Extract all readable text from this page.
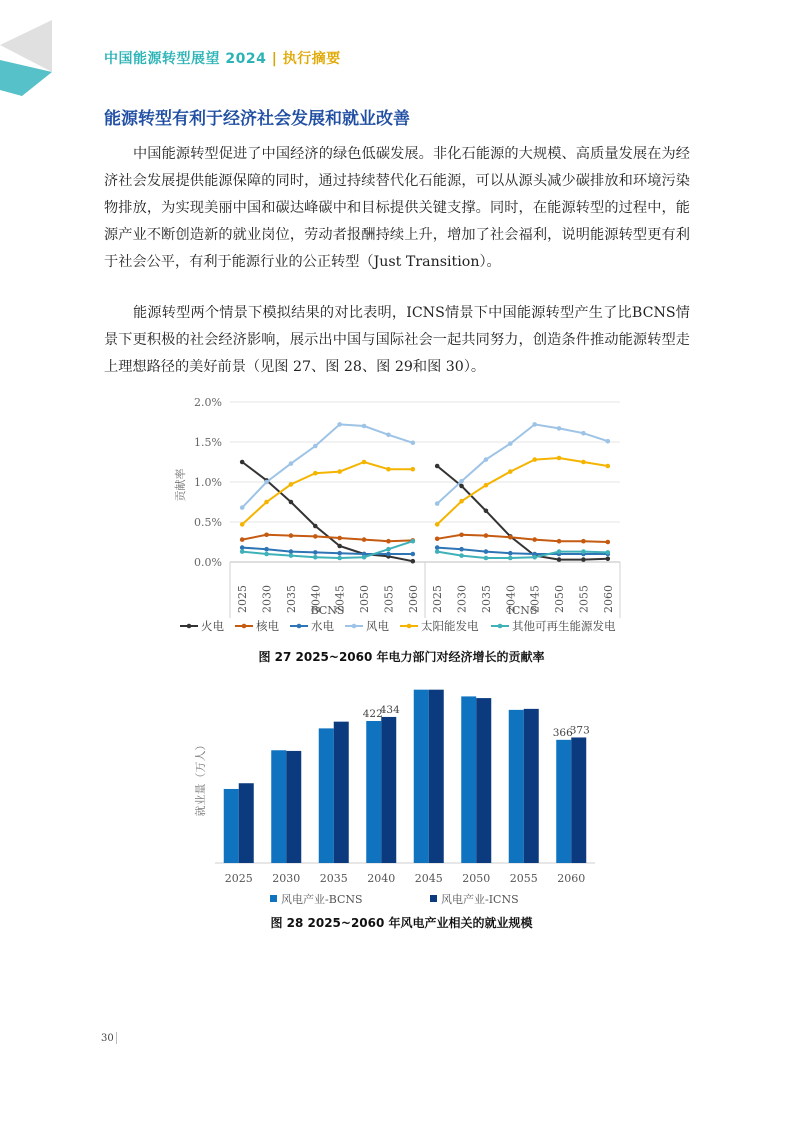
中国能源转型展望 2024 | 执行摘要
能源转型有利于经济社会发展和就业改善
中国能源转型促进了中国经济的绿色低碳发展。非化石能源的大规模、高质量发展在为经济社会发展提供能源保障的同时，通过持续替代化石能源，可以从源头减少碳排放和环境污染物排放，为实现美丽中国和碳达峰碳中和目标提供关键支撑。同时，在能源转型的过程中，能源产业不断创造新的就业岗位，劳动者报酬持续上升，增加了社会福利，说明能源转型更有利于社会公平，有利于能源行业的公正转型（Just Transition）。
能源转型两个情景下模拟结果的对比表明，ICNS情景下中国能源转型产生了比BCNS情景下更积极的社会经济影响，展示出中国与国际社会一起共同努力，创造条件推动能源转型走上理想路径的美好前景（见图 27、图 28、图 29和图 30）。
0.0%
0.5%
1.0%
1.5%
2.0%
贡献率
2025 2030 2035 2040 2045 2050 2055 2060
BCNS	2025 2030 2035 2040 2045 2050 2055 2060
ICNS
火电	核电	水电	风电	太阳能发电	其他可再生能源发电
图 27 2025~2060 年电力部门对经济增长的贡献率
就业量（万人）
2025 2030 2035 2040
422
434
2045 2050 2055 2060
366
373
风电产业-BCNS	风电产业-ICNS
图 28 2025~2060 年风电产业相关的就业规模
30
